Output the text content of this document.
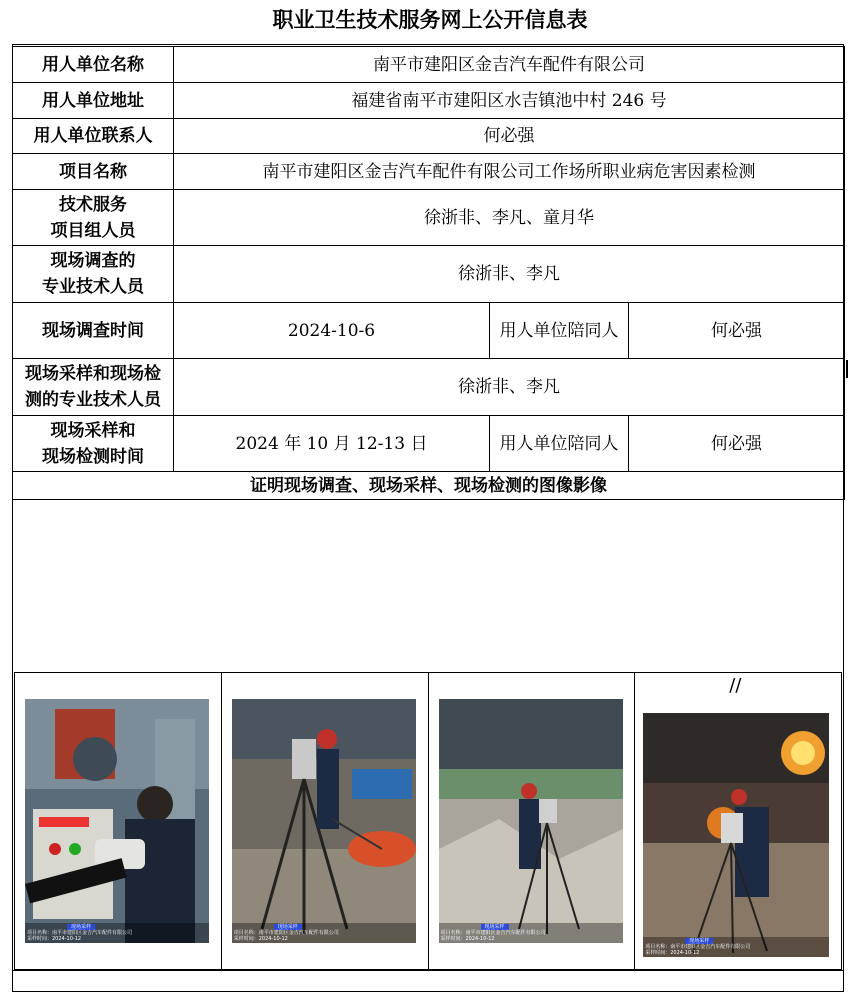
职业卫生技术服务网上公开信息表
用人单位名称	南平市建阳区金吉汽车配件有限公司		
用人单位地址	福建省南平市建阳区水吉镇池中村 246 号		
用人单位联系人	何必强		
项目名称	南平市建阳区金吉汽车配件有限公司工作场所职业病危害因素检测		

技术服务
项目组人员	徐浙非、李凡、童月华		

现场调查的
专业技术人员	徐浙非、李凡		
现场调查时间	2024-10-6	用人单位陪同人	何必强

现场采样和现场检
测的专业技术人员	徐浙非、李凡		

现场采样和
现场检测时间	2024 年 10 月 12-13 日	用人单位陪同人	何必强
证明现场调查、现场采样、现场检测的图像影像			
现场采样
项目名称：南平市建阳区金吉汽车配件有限公司
采样时间：2024-10-12
现场采样
项目名称：南平市建阳区金吉汽车配件有限公司
采样时间：2024-10-12
现场采样
项目名称：南平市建阳区金吉汽车配件有限公司
采样时间：2024-10-12
//
现场采样
项目名称：南平市建阳区金吉汽车配件有限公司
采样时间：2024-10-12
